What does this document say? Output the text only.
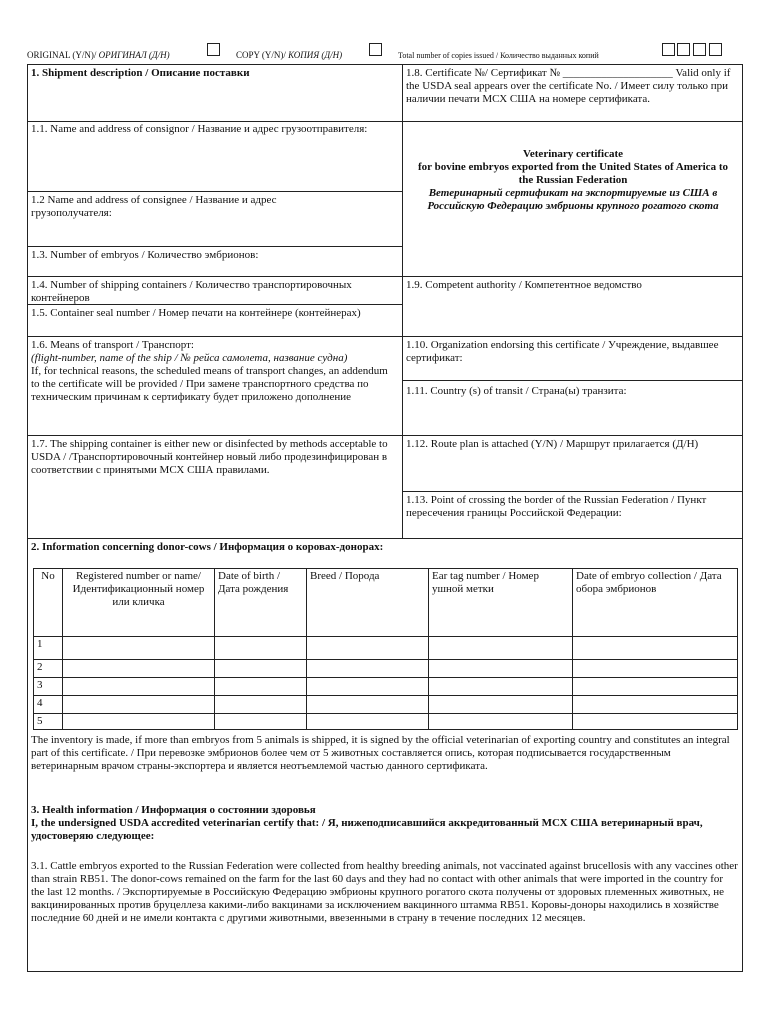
ORIGINAL (Y/N)/ ОРИГИНАЛ (Д/Н)	COPY (Y/N)/ КОПИЯ (Д/Н)	Total number of copies issued / Количество выданных копий
1. Shipment description / Описание поставки
1.1. Name and address of consignor / Название и адрес грузоотправителя:
1.2 Name and address of consignee / Название и адрес грузополучателя:
1.3. Number of embryos / Количество эмбрионов:
1.4. Number of shipping containers / Количество транспортировочных контейнеров
1.5. Container seal number / Номер печати на контейнере (контейнерах)
1.6. Means of transport / Транспорт:
(flight-number, name of the ship / № рейса самолета, название судна)
If, for technical reasons, the scheduled means of transport changes, an addendum to the certificate will be provided / При замене транспортного средства по техническим причинам к сертификату будет приложено дополнение
1.7. The shipping container is either new or disinfected by methods acceptable to USDA / /Транспортировочный контейнер новый либо продезинфицирован в соответствии с принятыми МСХ США правилами.
1.8. Certificate №/ Сертификат № ____________________ Valid only if the USDA seal appears over the certificate No. / Имеет силу только при наличии печати МСХ США на номере сертификата.
Veterinary certificate
for bovine embryos exported from the United States of America to the Russian Federation
Ветеринарный сертификат на экспортируемые из США в Российскую Федерацию эмбрионы крупного рогатого скота
1.9. Competent authority / Компетентное ведомство
1.10. Organization endorsing this certificate / Учреждение, выдавшее сертификат:
1.11. Country (s) of transit / Страна(ы) транзита:
1.12. Route plan is attached (Y/N) / Маршрут прилагается (Д/Н)
1.13. Point of crossing the border of the Russian Federation / Пункт пересечения границы Российской Федерации:
2. Information concerning donor-cows / Информация о коровах-донорах:
No	Registered number or name/ Идентификационный номер или кличка	Date of birth / Дата рождения	Breed / Порода	Ear tag number / Номер ушной метки	Date of embryo collection / Дата обора эмбрионов
1					
2					
3					
4					
5					
The inventory is made, if more than embryos from 5 animals is shipped, it is signed by the official veterinarian of exporting country and constitutes an integral part of this certificate. / При перевозке эмбрионов более чем от 5 животных составляется опись, которая подписывается государственным ветеринарным врачом страны-экспортера и является неотъемлемой частью данного сертификата.
3. Health information / Информация о состоянии здоровья
I, the undersigned USDA accredited veterinarian certify that: / Я, нижеподписавшийся аккредитованный МСХ США ветеринарный врач, удостоверяю следующее:
3.1. Cattle embryos exported to the Russian Federation were collected from healthy breeding animals, not vaccinated against brucellosis with any vaccines other than strain RB51. The donor-cows remained on the farm for the last 60 days and they had no contact with other animals that were imported in the country for the last 12 months. / Экспортируемые в Российскую Федерацию эмбрионы крупного рогатого скота получены от здоровых племенных животных, не вакцинированных против бруцеллеза какими-либо вакцинами за исключением вакцинного штамма RB51. Коровы-доноры находились в хозяйстве последние 60 дней и не имели контакта с другими животными, ввезенными в страну в течение последних 12 месяцев.
